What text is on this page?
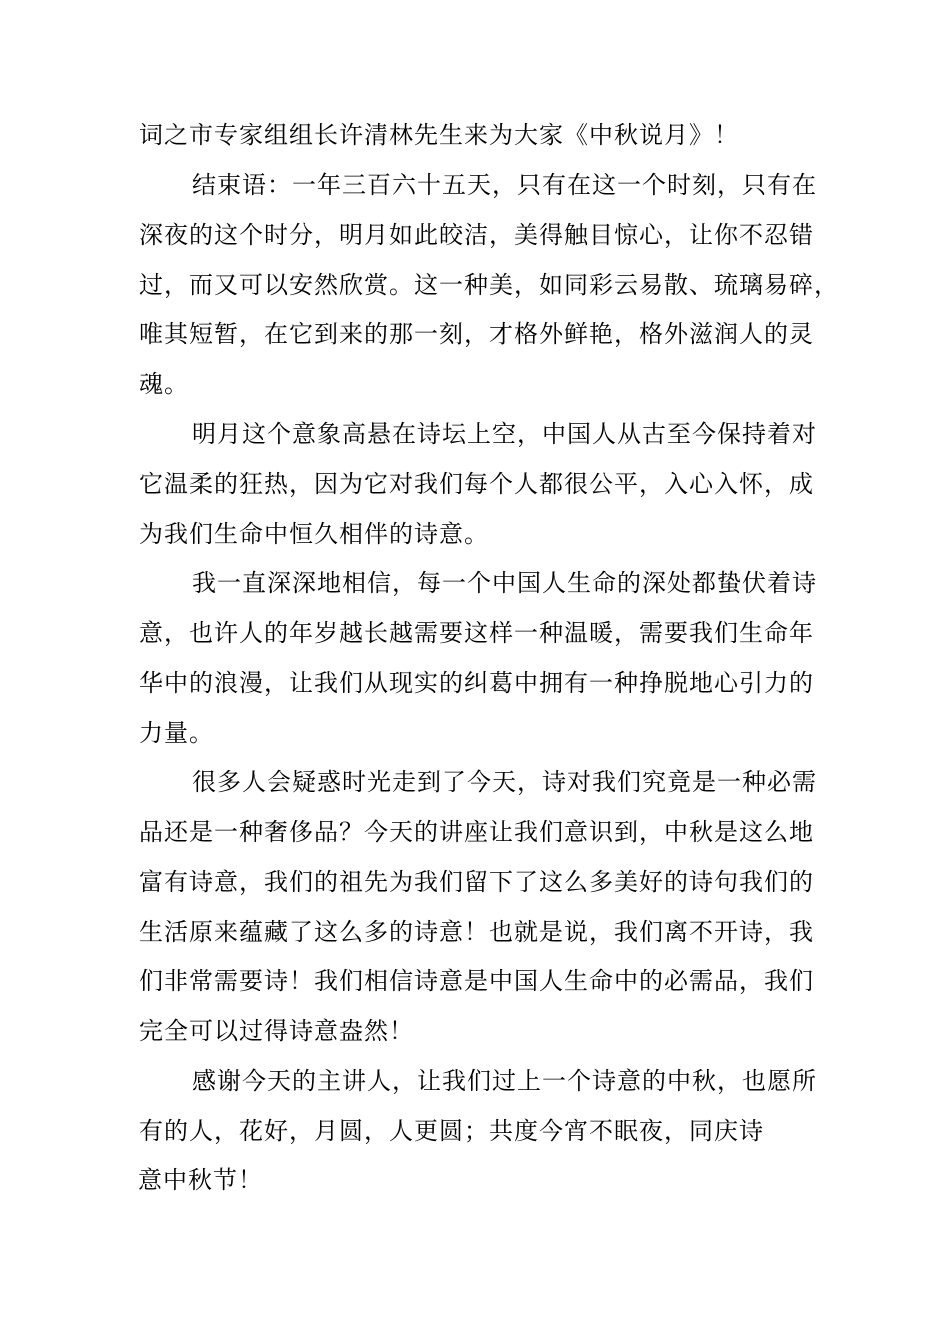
词之市专家组组长许清林先生来为大家《中秋说月》！
结束语：一年三百六十五天，只有在这一个时刻，只有在
深夜的这个时分，明月如此皎洁，美得触目惊心，让你不忍错
过，而又可以安然欣赏。这一种美，如同彩云易散、琉璃易碎，
唯其短暂，在它到来的那一刻，才格外鲜艳，格外滋润人的灵
魂。
明月这个意象高悬在诗坛上空，中国人从古至今保持着对
它温柔的狂热，因为它对我们每个人都很公平，入心入怀，成
为我们生命中恒久相伴的诗意。
我一直深深地相信，每一个中国人生命的深处都蛰伏着诗
意，也许人的年岁越长越需要这样一种温暖，需要我们生命年
华中的浪漫，让我们从现实的纠葛中拥有一种挣脱地心引力的
力量。
很多人会疑惑时光走到了今天，诗对我们究竟是一种必需
品还是一种奢侈品？今天的讲座让我们意识到，中秋是这么地
富有诗意，我们的祖先为我们留下了这么多美好的诗句我们的
生活原来蕴藏了这么多的诗意！也就是说，我们离不开诗，我
们非常需要诗！我们相信诗意是中国人生命中的必需品，我们
完全可以过得诗意盎然！
感谢今天的主讲人，让我们过上一个诗意的中秋，也愿所
有的人，花好，月圆，人更圆；共度今宵不眠夜，同庆诗
意中秋节！
